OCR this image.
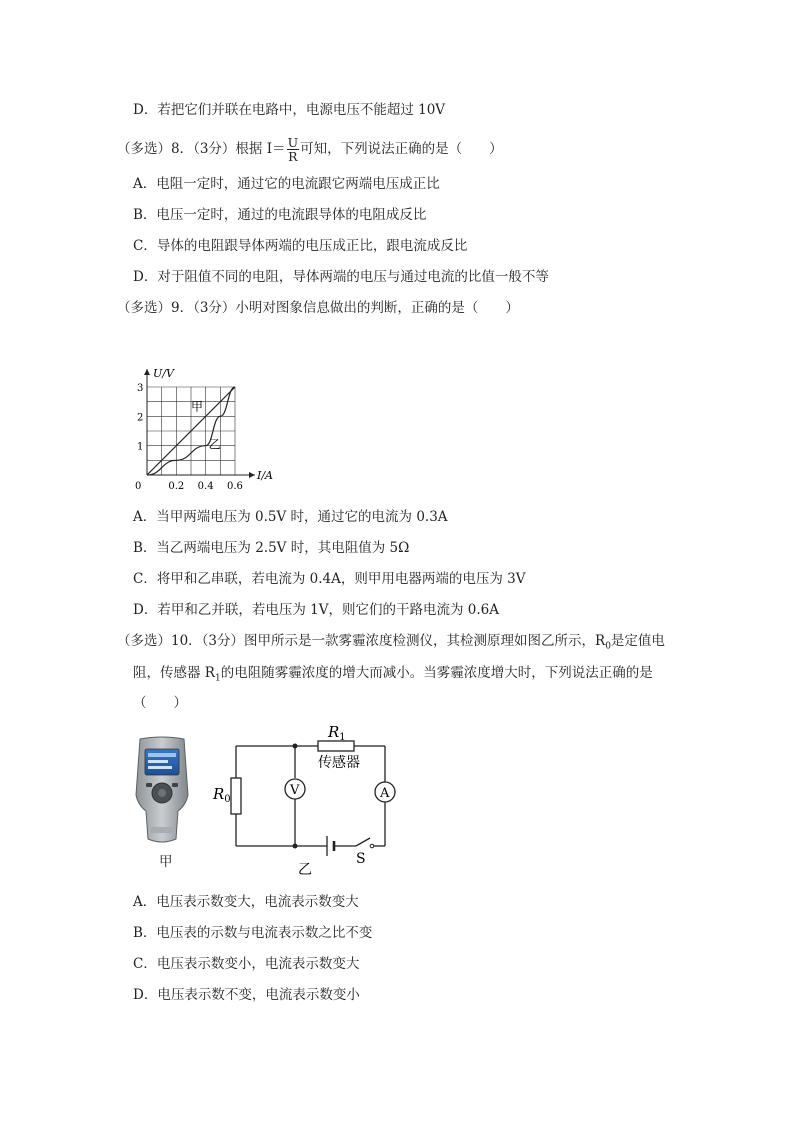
D．若把它们并联在电路中，电源电压不能超过 10V
（多选）8．（3分）根据 $I= \frac{U}{R}$ 可知，下列说法正确的是（　　）
A．电阻一定时，通过它的电流跟它两端电压成正比
B．电压一定时，通过的电流跟导体的电阻成反比
C．导体的电阻跟导体两端的电压成正比，跟电流成反比
D．对于阻值不同的电阻，导体两端的电压与通过电流的比值一般不等
（多选）9．（3分）小明对图象信息做出的判断，正确的是（　　）
甲
乙
0.2 0.4 0.6
1
2
3
0
I/A
U/V
A．当甲两端电压为 0.5V 时，通过它的电流为 0.3A
B．当乙两端电压为 2.5V 时，其电阻值为 5Ω
C．将甲和乙串联，若电流为 0.4A，则甲用电器两端的电压为 3V
D．若甲和乙并联，若电压为 1V，则它们的干路电流为 0.6A
（多选）10．（3分）图甲所示是一款雾霾浓度检测仪，其检测原理如图乙所示，$R_0$是定值电
阻，传感器 $R_1$的电阻随雾霾浓度的增大而减小。当雾霾浓度增大时，下列说法正确的是
（　　）
甲
$R_1$
传感器
$R_0$
V	A
S
乙
A．电压表示数变大，电流表示数变大
B．电压表的示数与电流表示数之比不变
C．电压表示数变小，电流表示数变大
D．电压表示数不变，电流表示数变小
